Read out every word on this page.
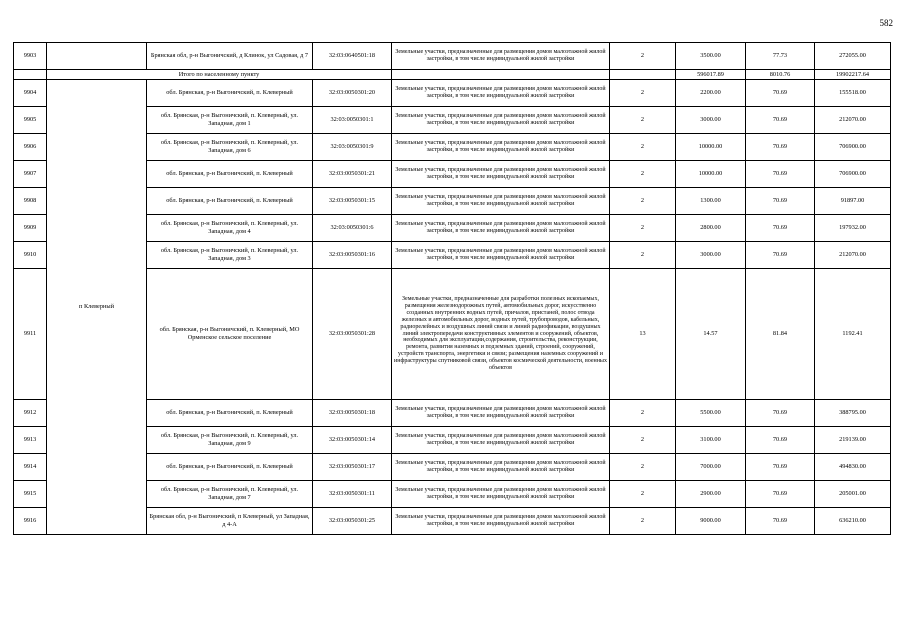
582
9903		Брянская обл, р-н Выгоничский, д Клинок, ул Садовая, д 7	32:03:0640501:18	Земельные участки, предназначенные для размещения домов малоэтажной жилой застройки, в том числе индивидуальной жилой застройки	2	3500.00	77.73	272055.00
	Итого по населенному пункту					596017.89	8010.76	19902217.64
9904	п Клеверный	обл. Брянская, р-н Выгоничский, п. Клеверный	32:03:0050301:20	Земельные участки, предназначенные для размещения домов малоэтажной жилой застройки, в том числе индивидуальной жилой застройки	2	2200.00	70.69	155518.00
9905		обл. Брянская, р-н Выгоничский, п. Клеверный, ул. Западная, дом 1	32:03:0050301:1	Земельные участки, предназначенные для размещения домов малоэтажной жилой застройки, в том числе индивидуальной жилой застройки	2	3000.00	70.69	212070.00
9906		обл. Брянская, р-н Выгоничский, п. Клеверный, ул. Западная, дом 6	32:03:0050301:9	Земельные участки, предназначенные для размещения домов малоэтажной жилой застройки, в том числе индивидуальной жилой застройки	2	10000.00	70.69	706900.00
9907		обл. Брянская, р-н Выгоничский, п. Клеверный	32:03:0050301:21	Земельные участки, предназначенные для размещения домов малоэтажной жилой застройки, в том числе индивидуальной жилой застройки	2	10000.00	70.69	706900.00
9908		обл. Брянская, р-н Выгоничский, п. Клеверный	32:03:0050301:15	Земельные участки, предназначенные для размещения домов малоэтажной жилой застройки, в том числе индивидуальной жилой застройки	2	1300.00	70.69	91897.00
9909		обл. Брянская, р-н Выгоничский, п. Клеверный, ул. Западная, дом 4	32:03:0050301:6	Земельные участки, предназначенные для размещения домов малоэтажной жилой застройки, в том числе индивидуальной жилой застройки	2	2800.00	70.69	197932.00
9910		обл. Брянская, р-н Выгоничский, п. Клеверный, ул. Западная, дом 3	32:03:0050301:16	Земельные участки, предназначенные для размещения домов малоэтажной жилой застройки, в том числе индивидуальной жилой застройки	2	3000.00	70.69	212070.00
9911		обл. Брянская, р-н Выгоничский, п. Клеверный, МО Орменское сельское поселение	32:03:0050301:28	Земельные участки, предназначенные для разработки полезных ископаемых, размещения железнодорожных путей, автомобильных дорог, искусственно созданных внутренних водных путей, причалов, пристаней, полос отвода железных и автомобильных дорог, водных путей, трубопроводов, кабельных, радиорелейных и воздушных линий связи и линий радиофикации, воздушных линий электропередачи конструктивных элементов и сооружений, объектов, необходимых для эксплуатации,содержания, строительства, реконструкции, ремонта, развития наземных и подземных зданий, строений, сооружений, устройств транспорта, энергетики и связи; размещения наземных сооружений и инфраструктуры спутниковой связи, объектов космической деятельности, военных объектов	13	14.57	81.84	1192.41
9912		обл. Брянская, р-н Выгоничский, п. Клеверный	32:03:0050301:18	Земельные участки, предназначенные для размещения домов малоэтажной жилой застройки, в том числе индивидуальной жилой застройки	2	5500.00	70.69	388795.00
9913		обл. Брянская, р-н Выгоничский, п. Клеверный, ул. Западная, дом 9	32:03:0050301:14	Земельные участки, предназначенные для размещения домов малоэтажной жилой застройки, в том числе индивидуальной жилой застройки	2	3100.00	70.69	219139.00
9914		обл. Брянская, р-н Выгоничский, п. Клеверный	32:03:0050301:17	Земельные участки, предназначенные для размещения домов малоэтажной жилой застройки, в том числе индивидуальной жилой застройки	2	7000.00	70.69	494830.00
9915		обл. Брянская, р-н Выгоничский, п. Клеверный, ул. Западная, дом 7	32:03:0050301:11	Земельные участки, предназначенные для размещения домов малоэтажной жилой застройки, в том числе индивидуальной жилой застройки	2	2900.00	70.69	205001.00
9916		Брянская обл, р-н Выгоничский, п Клеверный, ул Западная, д 4-А	32:03:0050301:25	Земельные участки, предназначенные для размещения домов малоэтажной жилой застройки, в том числе индивидуальной жилой застройки	2	9000.00	70.69	636210.00
